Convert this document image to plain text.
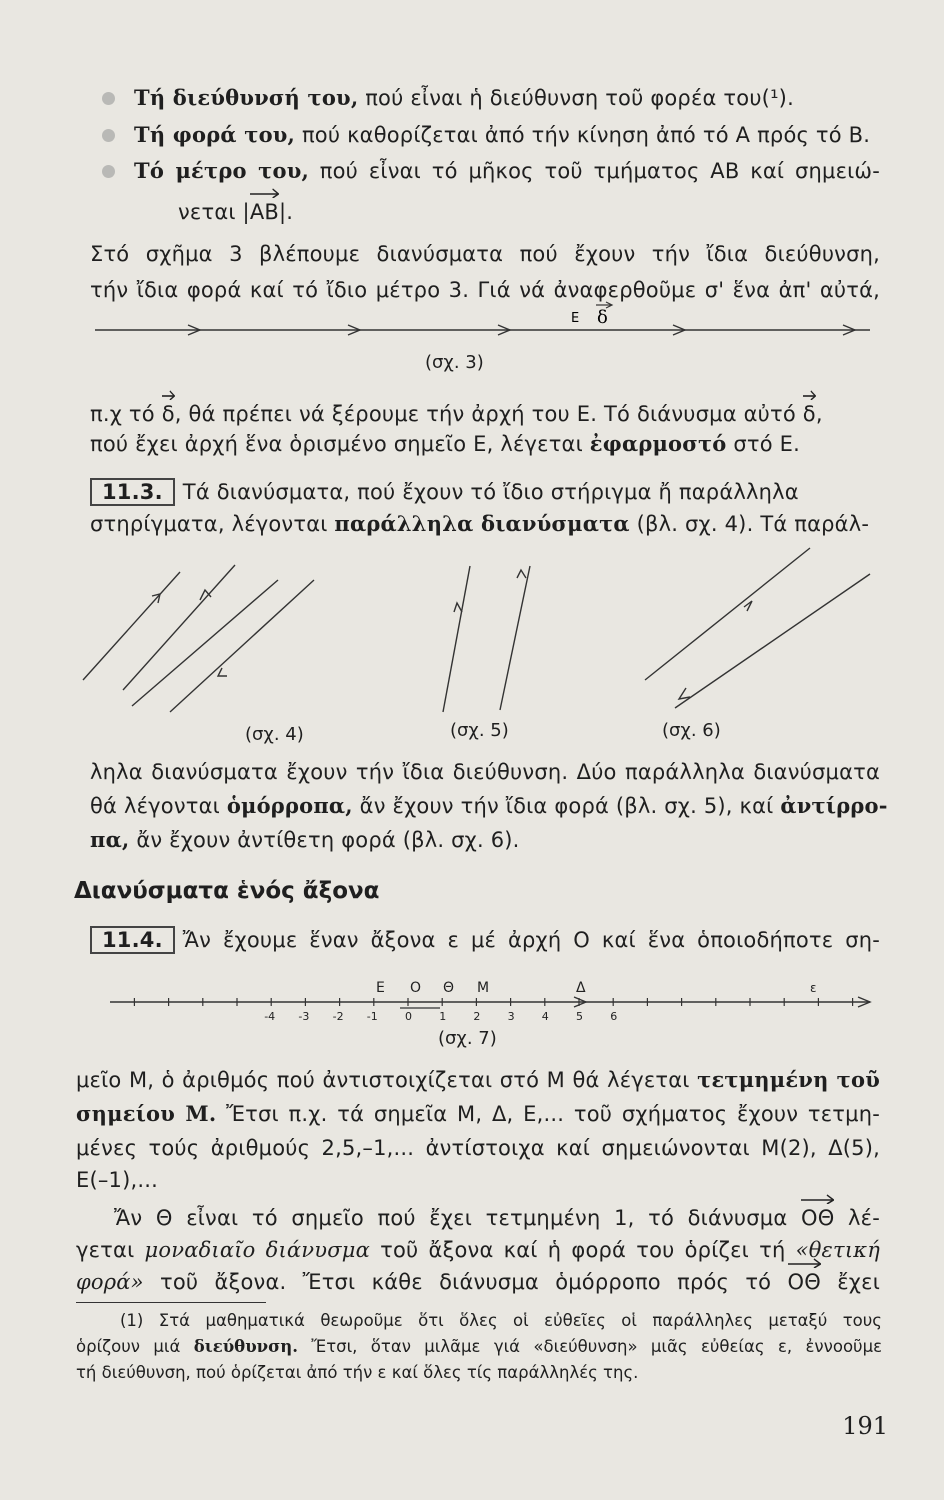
Τή διεύθυνσή του, πού εἶναι ἡ διεύθυνση τοῦ φορέα του(¹).
Τή φορά του, πού καθορίζεται ἀπό τήν κίνηση ἀπό τό Α πρός τό Β.
Τό μέτρο του, πού εἶναι τό μῆκος τοῦ τμήματος ΑΒ καί σημειώ-
νεται |
ΑΒ|.
Στό σχῆμα 3 βλέπουμε διανύσματα πού ἔχουν τήν ἴδια διεύθυνση,
τήν ἴδια φορά καί τό ἴδιο μέτρο 3. Γιά νά ἀναφερθοῦμε σ' ἕνα ἀπ' αὐτά,
Ε δ
(σχ. 3)
π.χ τό
δ, θά πρέπει νά ξέρουμε τήν ἀρχή του Ε. Τό διάνυσμα αὐτό
δ,
πού ἔχει ἀρχή ἕνα ὁρισμένο σημεῖο Ε, λέγεται ἐφαρμοστό στό Ε.
11.3. Τά διανύσματα, πού ἔχουν τό ἴδιο στήριγμα ἤ παράλληλα
στηρίγματα, λέγονται παράλληλα διανύσματα (βλ. σχ. 4). Τά παράλ-
(σχ. 4)	(σχ. 5)	(σχ. 6)
ληλα διανύσματα ἔχουν τήν ἴδια διεύθυνση. Δύο παράλληλα διανύσματα
θά λέγονται ὁμόρροπα, ἄν ἔχουν τήν ἴδια φορά (βλ. σχ. 5), καί ἀντίρρο-
πα, ἄν ἔχουν ἀντίθετη φορά (βλ. σχ. 6).
Διανύσματα ἑνός ἄξονα
11.4. Ἄν ἔχουμε ἕναν ἄξονα ε μέ ἀρχή Ο καί ἕνα ὁποιοδήποτε ση-
-4 -3 -2 -1 0 1 2 3 4 5 6
Ε Ο Θ Μ	Δ	ε
(σχ. 7)
μεῖο Μ, ὁ ἀριθμός πού ἀντιστοιχίζεται στό Μ θά λέγεται τετμημένη τοῦ
σημείου Μ. Ἔτσι π.χ. τά σημεῖα Μ, Δ, Ε,... τοῦ σχήματος ἔχουν τετμη-
μένες τούς ἀριθμούς 2,5,–1,... ἀντίστοιχα καί σημειώνονται Μ(2), Δ(5),
Ε(–1),...
Ἄν Θ εἶναι τό σημεῖο πού ἔχει τετμημένη 1, τό διάνυσμα
ΟΘ λέ-
γεται μοναδιαῖο διάνυσμα τοῦ ἄξονα καί ἡ φορά του ὁρίζει τή «θετική
φορά» τοῦ ἄξονα. Ἔτσι κάθε διάνυσμα ὁμόρροπο πρός τό
ΟΘ ἔχει
(1) Στά μαθηματικά θεωροῦμε ὅτι ὅλες οἱ εὐθεῖες οἱ παράλληλες μεταξύ τους
ὁρίζουν μιά διεύθυνση. Ἔτσι, ὅταν μιλᾶμε γιά «διεύθυνση» μιᾶς εὐθείας ε, ἐννοοῦμε
τή διεύθυνση, πού ὁρίζεται ἀπό τήν ε καί ὅλες τίς παράλληλές της.
191
